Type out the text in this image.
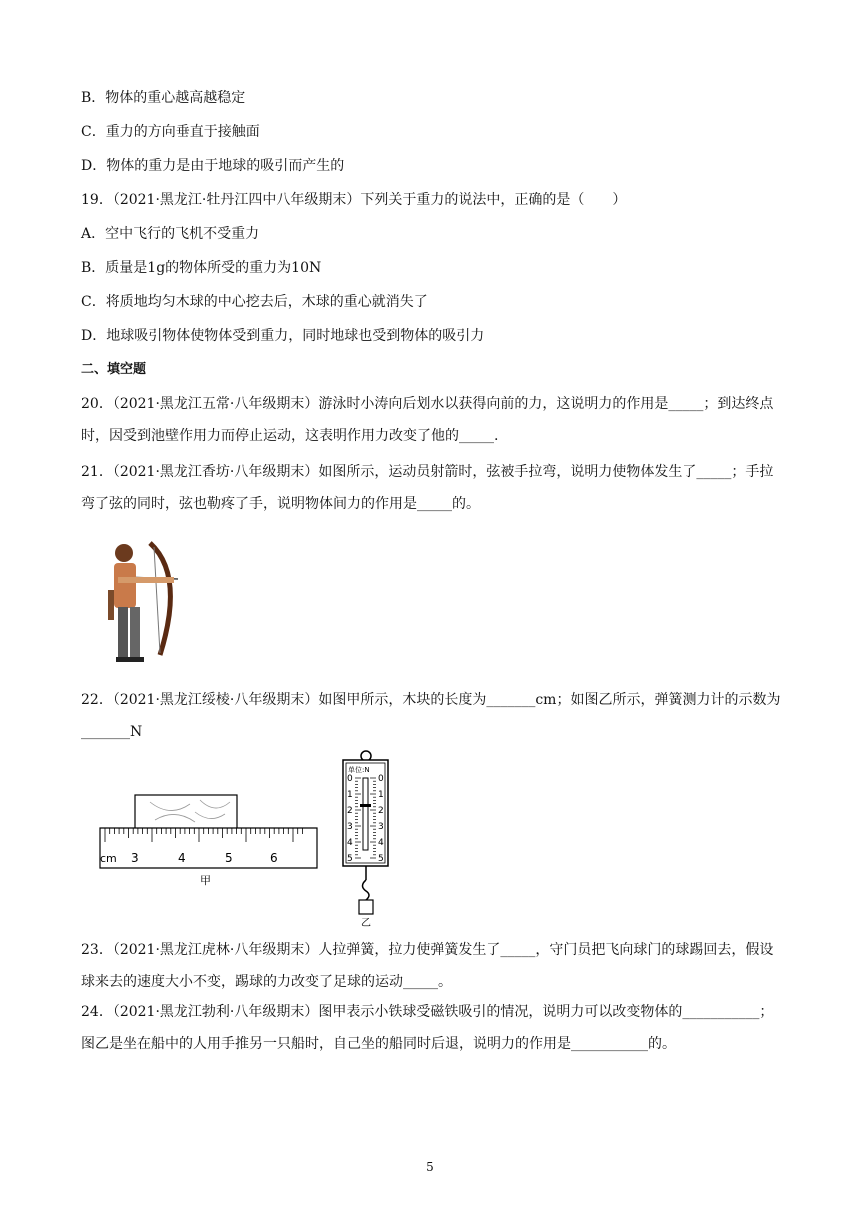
B．物体的重心越高越稳定
C．重力的方向垂直于接触面
D．物体的重力是由于地球的吸引而产生的
19．（2021·黑龙江·牡丹江四中八年级期末）下列关于重力的说法中，正确的是（　　）
A．空中飞行的飞机不受重力
B．质量是1g的物体所受的重力为10N
C．将质地均匀木球的中心挖去后，木球的重心就消失了
D．地球吸引物体使物体受到重力，同时地球也受到物体的吸引力
二、填空题
20．（2021·黑龙江五常·八年级期末）游泳时小涛向后划水以获得向前的力，这说明力的作用是_____；到达终点时，因受到池壁作用力而停止运动，这表明作用力改变了他的_____.
21．（2021·黑龙江香坊·八年级期末）如图所示，运动员射箭时，弦被手拉弯，说明力使物体发生了_____；手拉弯了弦的同时，弦也勒疼了手，说明物体间力的作用是_____的。
22．（2021·黑龙江绥棱·八年级期末）如图甲所示，木块的长度为_______cm；如图乙所示，弹簧测力计的示数为_______N
cm 3	4	5	6
甲
单位:N
0
1
2
3
4
5
0
1
2
3
4
5
乙
23．（2021·黑龙江虎林·八年级期末）人拉弹簧，拉力使弹簧发生了_____，守门员把飞向球门的球踢回去，假设球来去的速度大小不变，踢球的力改变了足球的运动_____。
24．（2021·黑龙江勃利·八年级期末）图甲表示小铁球受磁铁吸引的情况，说明力可以改变物体的___________；图乙是坐在船中的人用手推另一只船时，自己坐的船同时后退，说明力的作用是___________的。
5
